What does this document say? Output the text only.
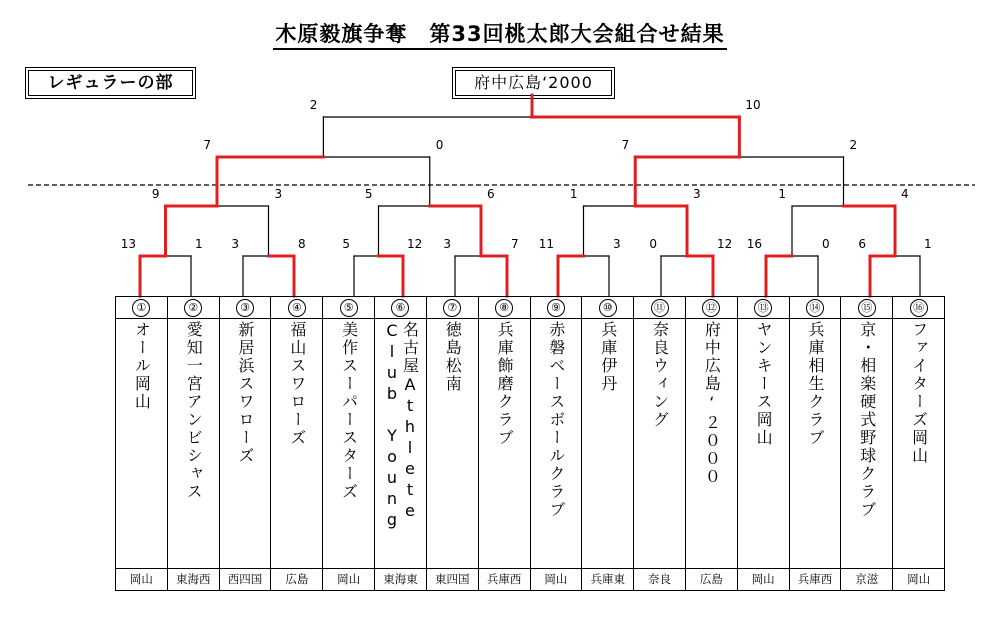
木原毅旗争奪　第33回桃太郎大会組合せ結果
レギュラーの部	府中広島‘2000
13	1 3	8	5	12 3	7 11	3 0	12 16	0 6	1
9	3	5	6	1	3	1	4
7	0	7	2
2	10
①
オール岡山
岡山
②
愛知一宮アンビシャス
東海西
③
新居浜スワローズ
西四国
④
福山スワローズ
広島
⑤
美作スーパースターズ
岡山
⑥
名古屋Athlete
Club Young
東海東
⑦
徳島松南
東四国
⑧
兵庫飾磨クラブ
兵庫西
⑨
赤磐ベースボールクラブ
岡山
⑩
兵庫伊丹
兵庫東
⑪
奈良ウィング
奈良
⑫
府中広島‘２０００
広島
⑬
ヤンキース岡山
岡山
⑭
兵庫相生クラブ
兵庫西
⑮
京・相楽硬式野球クラブ
京滋
⑯
ファイターズ岡山
岡山
